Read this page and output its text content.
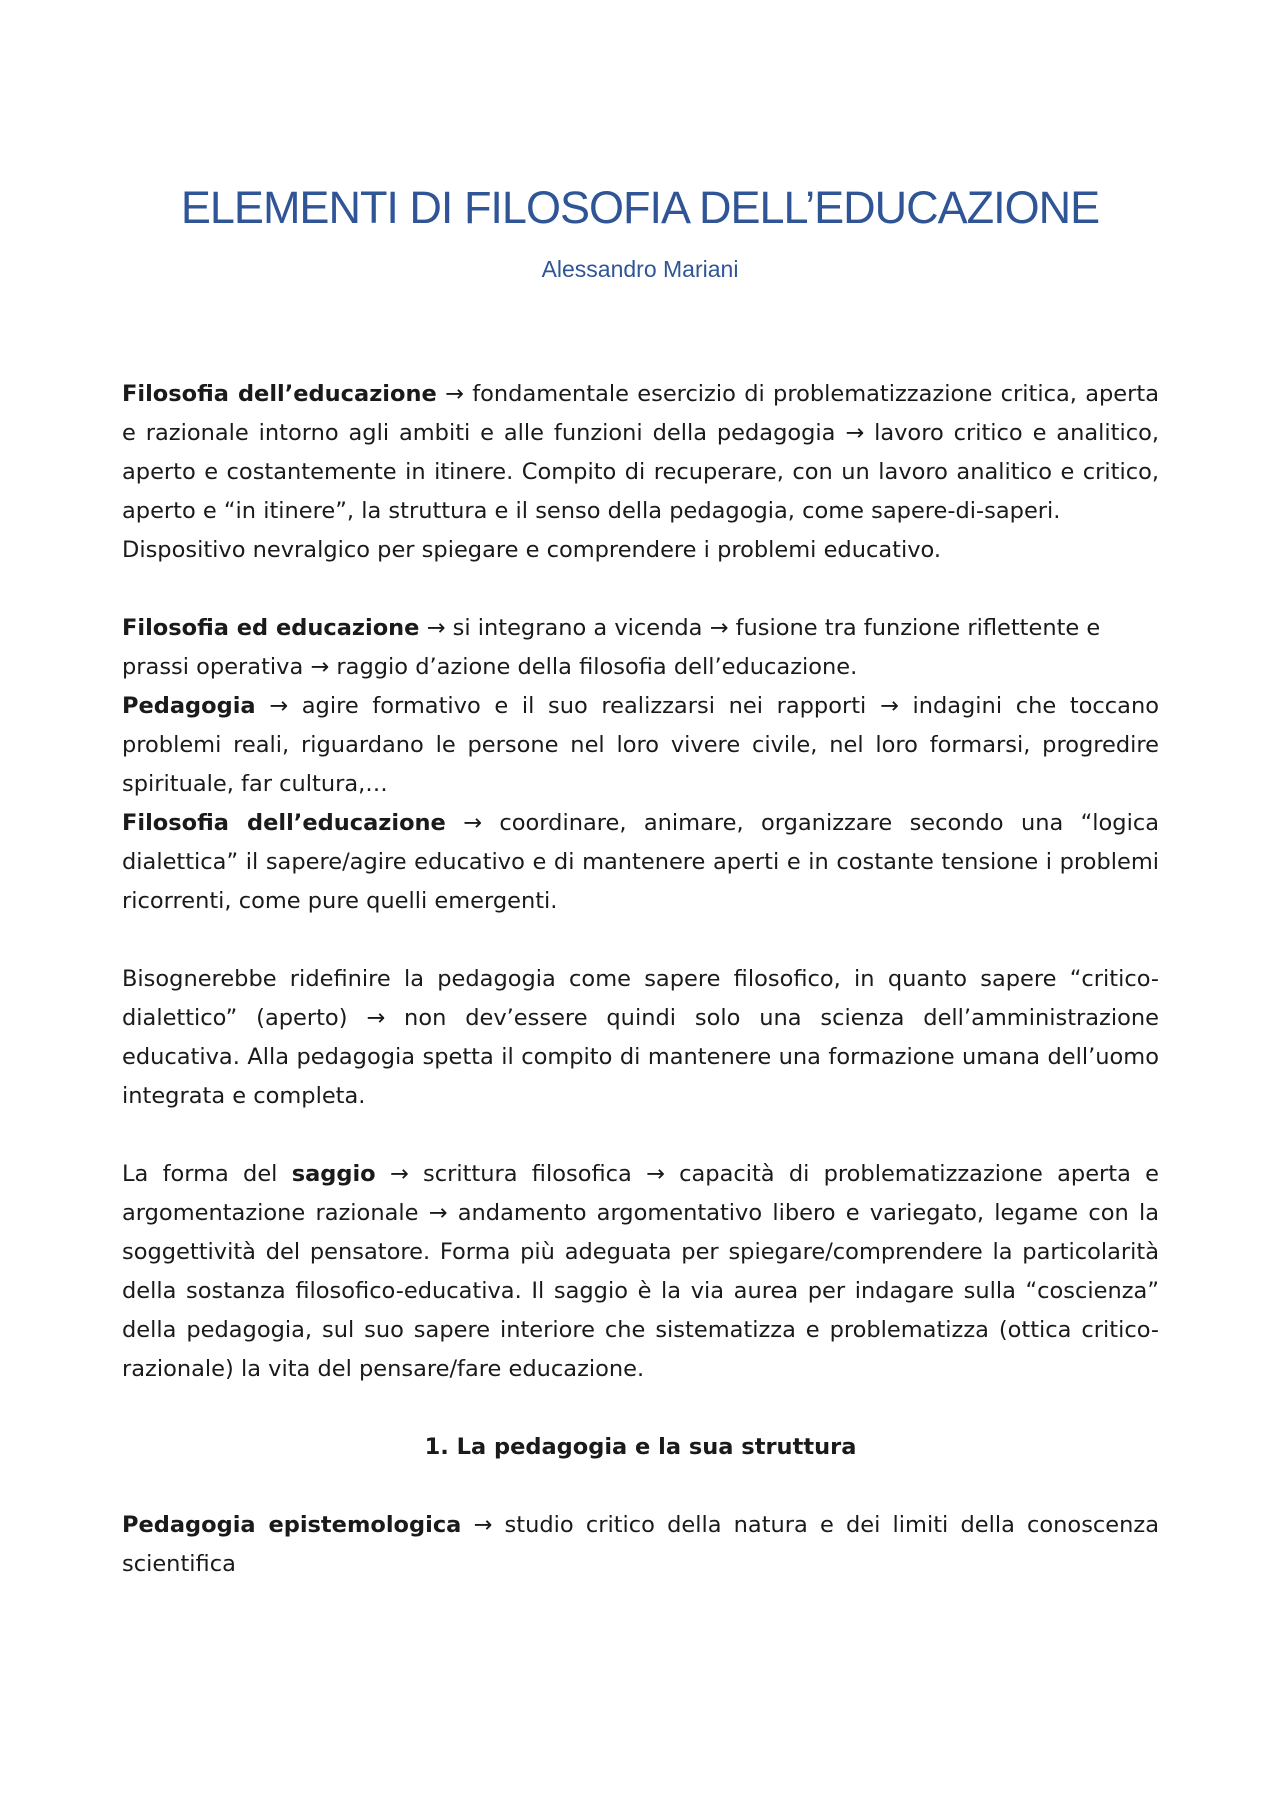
ELEMENTI DI FILOSOFIA DELL’EDUCAZIONE
Alessandro Mariani

Filosofia dell’educazione → fondamentale esercizio di problematizzazione critica, aperta e razionale intorno agli ambiti e alle funzioni della pedagogia → lavoro critico e analitico, aperto e costantemente in itinere. Compito di recuperare, con un lavoro analitico e critico, aperto e “in itinere”, la struttura e il senso della pedagogia, come sapere-di-saperi.

Dispositivo nevralgico per spiegare e comprendere i problemi educativo.

Filosofia ed educazione → si integrano a vicenda → fusione tra funzione riflettente e prassi operativa → raggio d’azione della filosofia dell’educazione.

Pedagogia → agire formativo e il suo realizzarsi nei rapporti → indagini che toccano problemi reali, riguardano le persone nel loro vivere civile, nel loro formarsi, progredire spirituale, far cultura,…

Filosofia dell’educazione → coordinare, animare, organizzare secondo una “logica dialettica” il sapere/agire educativo e di mantenere aperti e in costante tensione i problemi ricorrenti, come pure quelli emergenti.

Bisognerebbe ridefinire la pedagogia come sapere filosofico, in quanto sapere “critico-dialettico” (aperto) → non dev’essere quindi solo una scienza dell’amministrazione educativa. Alla pedagogia spetta il compito di mantenere una formazione umana dell’uomo integrata e completa.

La forma del saggio → scrittura filosofica → capacità di problematizzazione aperta e argomentazione razionale → andamento argomentativo libero e variegato, legame con la soggettività del pensatore. Forma più adeguata per spiegare/comprendere la particolarità della sostanza filosofico-educativa. Il saggio è la via aurea per indagare sulla “coscienza” della pedagogia, sul suo sapere interiore che sistematizza e problematizza (ottica critico-razionale) la vita del pensare/fare educazione.

1. La pedagogia e la sua struttura

Pedagogia epistemologica → studio critico della natura e dei limiti della conoscenza scientifica
